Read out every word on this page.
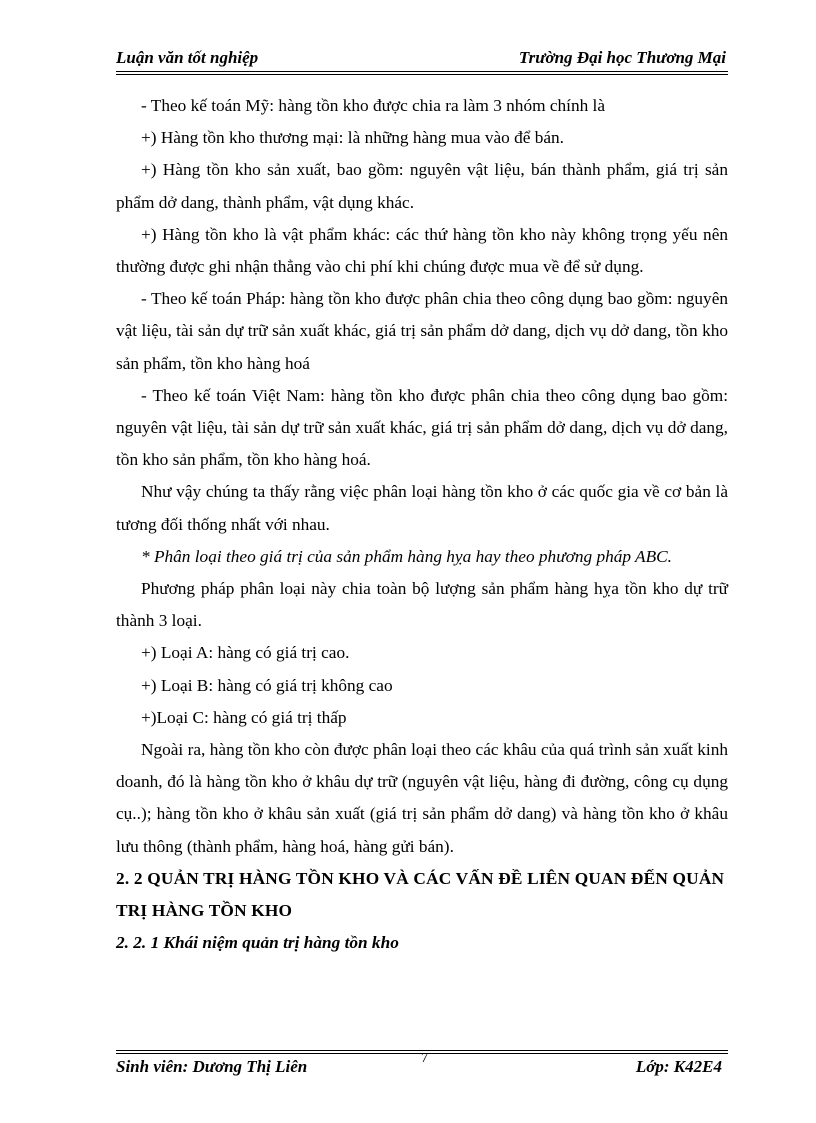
Luận văn tốt nghiệp	Trường Đại học Thương Mại

- Theo kế toán Mỹ: hàng tồn kho được chia ra làm 3 nhóm chính là

+) Hàng tồn kho thương mại: là những hàng mua vào để bán.

+) Hàng tồn kho sản xuất, bao gồm: nguyên vật liệu, bán thành phẩm, giá trị sản phẩm dở dang, thành phẩm, vật dụng khác.

+) Hàng tồn kho là vật phẩm khác: các thứ hàng tồn kho này không trọng yếu nên thường được ghi nhận thẳng vào chi phí khi chúng được mua về để sử dụng.

- Theo kế toán Pháp: hàng tồn kho được phân chia theo công dụng bao gồm: nguyên vật liệu, tài sản dự trữ sản xuất khác, giá trị sản phẩm dở dang, dịch vụ dở dang, tồn kho sản phẩm, tồn kho hàng hoá

- Theo kế toán Việt Nam: hàng tồn kho được phân chia theo công dụng bao gồm: nguyên vật liệu, tài sản dự trữ sản xuất khác, giá trị sản phẩm dở dang, dịch vụ dở dang, tồn kho sản phẩm, tồn kho hàng hoá.

Như vậy chúng ta thấy rằng việc phân loại hàng tồn kho ở các quốc gia về cơ bản là tương đối thống nhất với nhau.

* Phân loại theo giá trị của sản phẩm hàng hỵa hay theo phương pháp ABC.

Phương pháp phân loại này chia toàn bộ lượng sản phẩm hàng hỵa tồn kho dự trữ thành 3 loại.

+) Loại A: hàng có giá trị cao.

+) Loại B: hàng có giá trị không cao

+)Loại C: hàng có giá trị thấp

Ngoài ra, hàng tồn kho còn được phân loại theo các khâu của quá trình sản xuất kinh doanh, đó là hàng tồn kho ở khâu dự trữ (nguyên vật liệu, hàng đi đường, công cụ dụng cụ..); hàng tồn kho ở khâu sản xuất (giá trị sản phẩm dở dang) và hàng tồn kho ở khâu lưu thông (thành phẩm, hàng hoá, hàng gửi bán).

2. 2 QUẢN TRỊ HÀNG TỒN KHO VÀ CÁC VẤN ĐỀ LIÊN QUAN ĐẾN QUẢN TRỊ HÀNG TỒN KHO

2. 2. 1 Khái niệm quản trị hàng tồn kho

Sinh viên: Dương Thị Liên	7	Lớp: K42E4
